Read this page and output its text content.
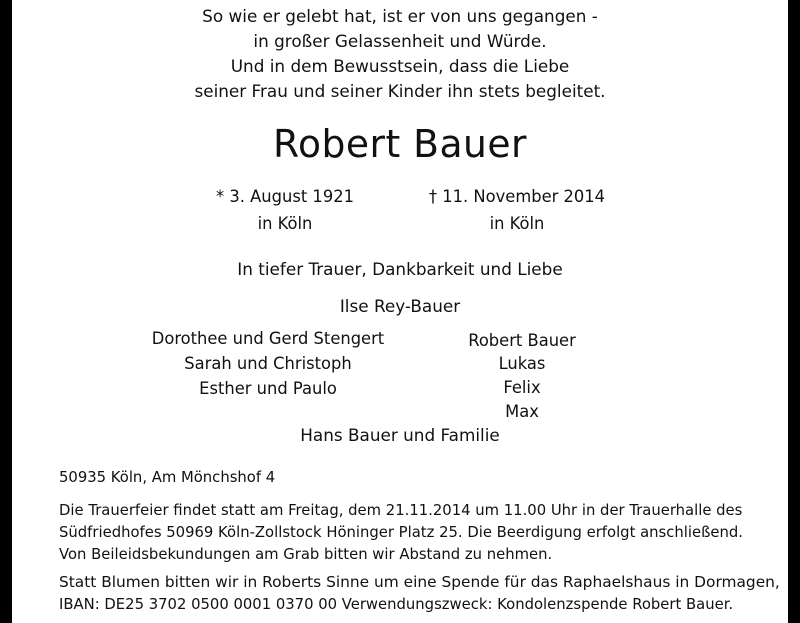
So wie er gelebt hat, ist er von uns gegangen -
in großer Gelassenheit und Würde.
Und in dem Bewusstsein, dass die Liebe
seiner Frau und seiner Kinder ihn stets begleitet.
Robert Bauer
* 3. August 1921
in Köln
† 11. November 2014
in Köln
In tiefer Trauer, Dankbarkeit und Liebe
Ilse Rey-Bauer
Dorothee und Gerd Stengert
Sarah und Christoph
Esther und Paulo
Robert Bauer
Lukas
Felix
Max
Hans Bauer und Familie
50935 Köln, Am Mönchshof 4
Die Trauerfeier findet statt am Freitag, dem 21.11.2014 um 11.00 Uhr in der Trauerhalle des
Südfriedhofes 50969 Köln-Zollstock Höninger Platz 25. Die Beerdigung erfolgt anschließend.
Von Beileidsbekundungen am Grab bitten wir Abstand zu nehmen.
Statt Blumen bitten wir in Roberts Sinne um eine Spende für das Raphaelshaus in Dormagen,
IBAN: DE25 3702 0500 0001 0370 00 Verwendungszweck: Kondolenzspende Robert Bauer.
